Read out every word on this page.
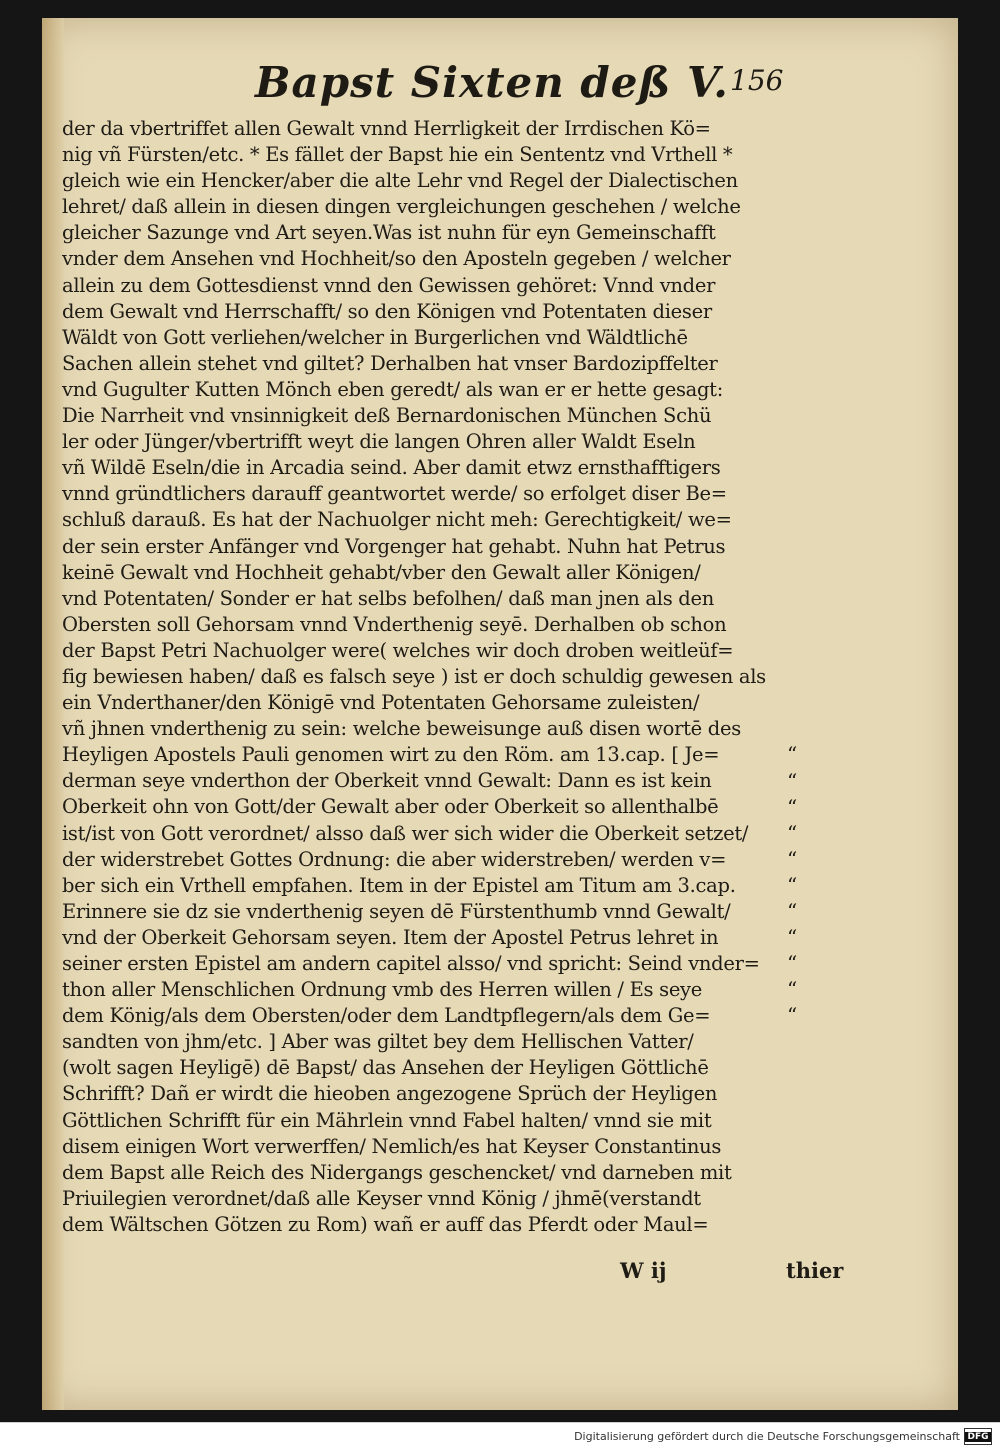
Bapst Sixten deß V. 156
der da vbertriffet allen Gewalt vnnd Herrligkeit der Irrdischen Kö=
nig vñ Fürsten/etc. * Es fället der Bapst hie ein Sententz vnd Vrthell *
gleich wie ein Hencker/aber die alte Lehr vnd Regel der Dialectischen
lehret/ daß allein in diesen dingen vergleichungen geschehen / welche
gleicher Sazunge vnd Art seyen.Was ist nuhn für eyn Gemeinschafft
vnder dem Ansehen vnd Hochheit/so den Aposteln gegeben / welcher
allein zu dem Gottesdienst vnnd den Gewissen gehöret: Vnnd vnder
dem Gewalt vnd Herrschafft/ so den Königen vnd Potentaten dieser
Wäldt von Gott verliehen/welcher in Burgerlichen vnd Wäldtlichē
Sachen allein stehet vnd giltet? Derhalben hat vnser Bardozipffelter
vnd Gugulter Kutten Mönch eben geredt/ als wan er er hette gesagt:
Die Narrheit vnd vnsinnigkeit deß Bernardonischen München Schü
ler oder Jünger/vbertrifft weyt die langen Ohren aller Waldt Eseln
vñ Wildē Eseln/die in Arcadia seind. Aber damit etwz ernsthafftigers
vnnd gründtlichers darauff geantwortet werde/ so erfolget diser Be=
schluß darauß. Es hat der Nachuolger nicht meh: Gerechtigkeit/ we=
der sein erster Anfänger vnd Vorgenger hat gehabt. Nuhn hat Petrus
keinē Gewalt vnd Hochheit gehabt/vber den Gewalt aller Königen/
vnd Potentaten/ Sonder er hat selbs befolhen/ daß man jnen als den
Obersten soll Gehorsam vnnd Vnderthenig seyē. Derhalben ob schon
der Bapst Petri Nachuolger were( welches wir doch droben weitleüf=
fig bewiesen haben/ daß es falsch seye ) ist er doch schuldig gewesen als
ein Vnderthaner/den Königē vnd Potentaten Gehorsame zuleisten/
vñ jhnen vnderthenig zu sein: welche beweisunge auß disen wortē des
Heyligen Apostels Pauli genomen wirt zu den Röm. am 13.cap. [ Je=
derman seye vnderthon der Oberkeit vnnd Gewalt: Dann es ist kein
Oberkeit ohn von Gott/der Gewalt aber oder Oberkeit so allenthalbē
ist/ist von Gott verordnet/ alsso daß wer sich wider die Oberkeit setzet/
der widerstrebet Gottes Ordnung: die aber widerstreben/ werden v=
ber sich ein Vrthell empfahen. Item in der Epistel am Titum am 3.cap.
Erinnere sie dz sie vnderthenig seyen dē Fürstenthumb vnnd Gewalt/
vnd der Oberkeit Gehorsam seyen. Item der Apostel Petrus lehret in
seiner ersten Epistel am andern capitel alsso/ vnd spricht: Seind vnder=
thon aller Menschlichen Ordnung vmb des Herren willen / Es seye
dem König/als dem Obersten/oder dem Landtpflegern/als dem Ge=
sandten von jhm/etc. ] Aber was giltet bey dem Hellischen Vatter/
(wolt sagen Heyligē) dē Bapst/ das Ansehen der Heyligen Göttlichē
Schrifft? Dañ er wirdt die hieoben angezogene Sprüch der Heyligen
Göttlichen Schrifft für ein Mährlein vnnd Fabel halten/ vnnd sie mit
disem einigen Wort verwerffen/ Nemlich/es hat Keyser Constantinus
dem Bapst alle Reich des Nidergangs geschencket/ vnd darneben mit
Priuilegien verordnet/daß alle Keyser vnnd König / jhmē(verstandt
dem Wältschen Götzen zu Rom) wañ er auff das Pferdt oder Maul=
“
“
“
“
“
“
“
“
“
“
“
W ij	thier
Digitalisierung gefördert durch die Deutsche Forschungsgemeinschaft DFG
